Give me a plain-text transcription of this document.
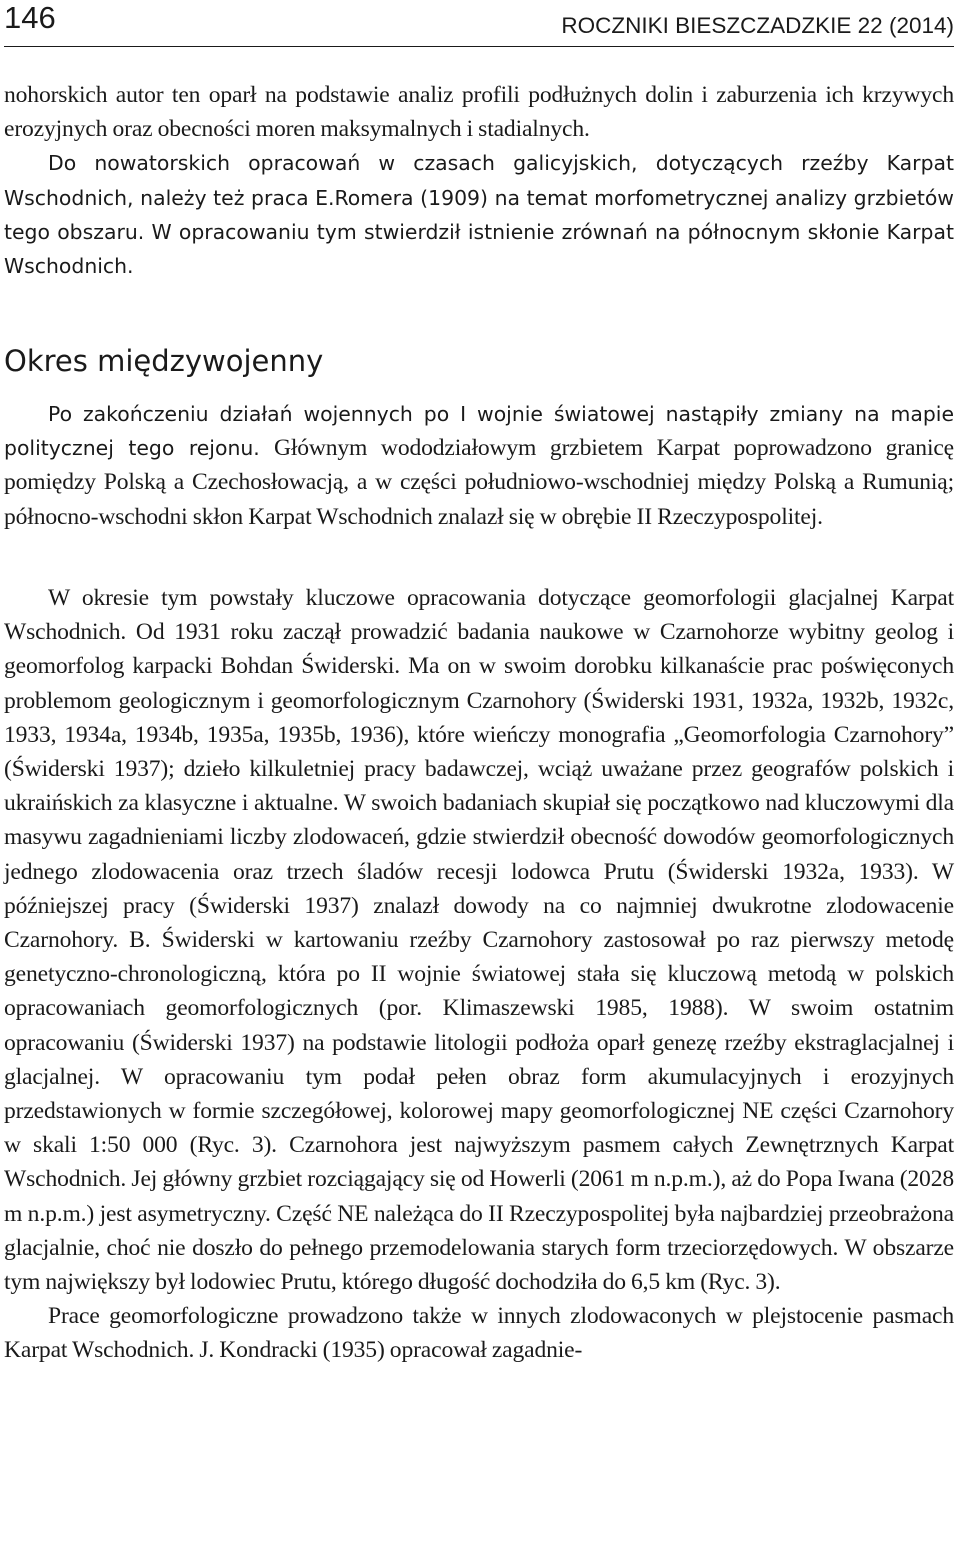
146	ROCZNIKI BIESZCZADZKIE 22 (2014)

nohorskich autor ten oparł na podstawie analiz profili podłużnych dolin i zaburzenia ich krzywych erozyjnych oraz obecności moren maksymalnych i stadialnych.
Do nowatorskich opracowań w czasach galicyjskich, dotyczących rzeźby Karpat Wschodnich, należy też praca E.Romera (1909) na temat morfometrycznej analizy grzbietów tego obszaru. W opracowaniu tym stwierdził istnienie zrównań na północnym skłonie Karpat Wschodnich.

Okres międzywojenny

Po zakończeniu działań wojennych po I wojnie światowej nastąpiły zmiany na mapie politycznej tego rejonu. Głównym wododziałowym grzbietem Karpat poprowadzono granicę pomiędzy Polską a Czechosłowacją, a w części południowo-wschodniej między Polską a Rumunią; północno-wschodni skłon Karpat Wschodnich znalazł się w obrębie II Rzeczypospolitej.

W okresie tym powstały kluczowe opracowania dotyczące geomorfologii glacjalnej Karpat Wschodnich. Od 1931 roku zaczął prowadzić badania naukowe w Czarnohorze wybitny geolog i geomorfolog karpacki Bohdan Świderski. Ma on w swoim dorobku kilkanaście prac poświęconych problemom geologicznym i geomorfologicznym Czarnohory (Świderski 1931, 1932a, 1932b, 1932c, 1933, 1934a, 1934b, 1935a, 1935b, 1936), które wieńczy monografia „Geomorfologia Czarnohory” (Świderski 1937); dzieło kilkuletniej pracy badawczej, wciąż uważane przez geografów polskich i ukraińskich za klasyczne i aktualne. W swoich badaniach skupiał się początkowo nad kluczowymi dla masywu zagadnieniami liczby zlodowaceń, gdzie stwierdził obecność dowodów geomorfologicznych jednego zlodowacenia oraz trzech śladów recesji lodowca Prutu (Świderski 1932a, 1933). W późniejszej pracy (Świderski 1937) znalazł dowody na co najmniej dwukrotne zlodowacenie Czarnohory. B. Świderski w kartowaniu rzeźby Czarnohory zastosował po raz pierwszy metodę genetyczno-chronologiczną, która po II wojnie światowej stała się kluczową metodą w polskich opracowaniach geomorfologicznych (por. Klimaszewski 1985, 1988). W swoim ostatnim opracowaniu (Świderski 1937) na podstawie litologii podłoża oparł genezę rzeźby ekstraglacjalnej i glacjalnej. W opracowaniu tym podał pełen obraz form akumulacyjnych i erozyjnych przedstawionych w formie szczegółowej, kolorowej mapy geomorfologicznej NE części Czarnohory w skali 1:50 000 (Ryc. 3). Czarnohora jest najwyższym pasmem całych Zewnętrznych Karpat Wschodnich. Jej główny grzbiet rozciągający się od Howerli (2061 m n.p.m.), aż do Popa Iwana (2028 m n.p.m.) jest asymetryczny. Część NE należąca do II Rzeczypospolitej była najbardziej przeobrażona glacjalnie, choć nie doszło do pełnego przemodelowania starych form trzeciorzędowych. W obszarze tym największy był lodowiec Prutu, którego długość dochodziła do 6,5 km (Ryc. 3).

Prace geomorfologiczne prowadzono także w innych zlodowaconych w plejstocenie pasmach Karpat Wschodnich. J. Kondracki (1935) opracował zagadnie-
